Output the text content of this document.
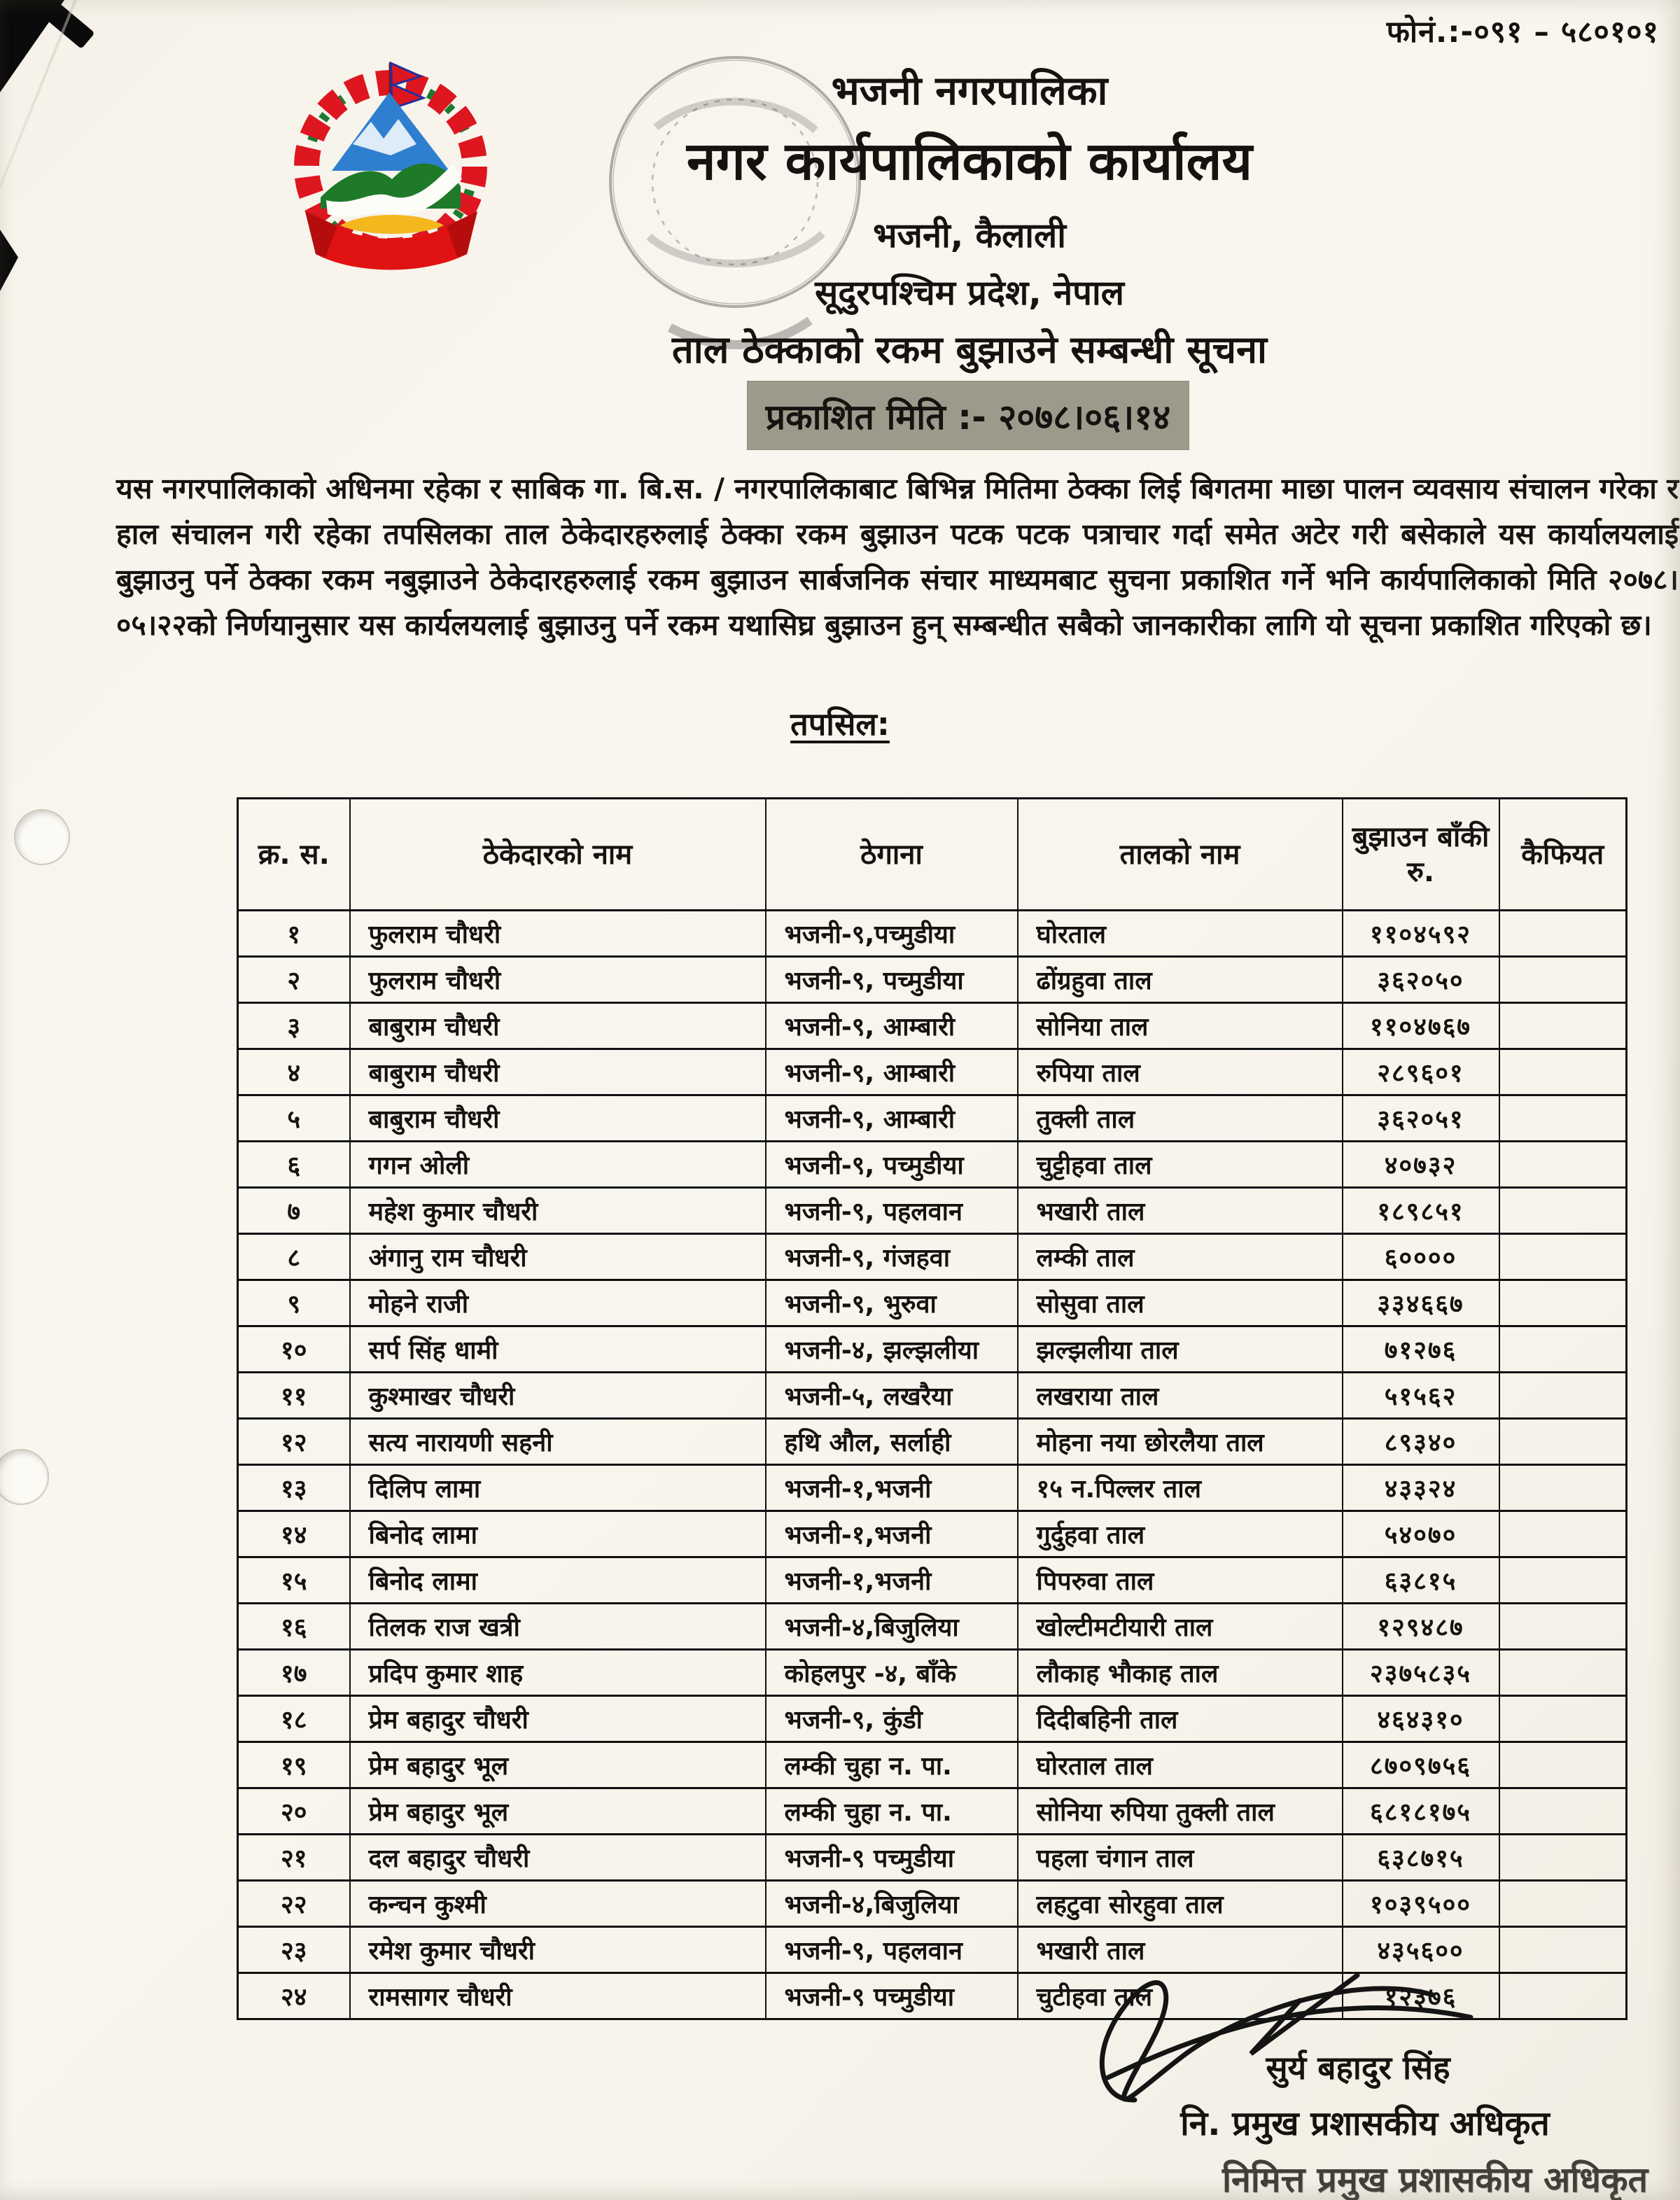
फोनं.:-०९१ – ५८०१०१
भजनी नगरपालिका
नगर कार्यपालिकाको कार्यालय
भजनी, कैलाली
सूदुरपश्चिम प्रदेश, नेपाल
ताल ठेक्काको रकम बुझाउने सम्बन्धी सूचना
प्रकाशित मिति :- २०७८।०६।१४
यस नगरपालिकाको अधिनमा रहेका र साबिक गा. बि.स. / नगरपालिकाबाट बिभिन्न मितिमा ठेक्का लिई बिगतमा माछा पालन व्यवसाय संचालन गरेका र हाल संचालन गरी रहेका तपसिलका ताल ठेकेदारहरुलाई ठेक्का रकम बुझाउन पटक पटक पत्राचार गर्दा समेत अटेर गरी बसेकाले यस कार्यालयलाई बुझाउनु पर्ने ठेक्का रकम नबुझाउने ठेकेदारहरुलाई रकम बुझाउन सार्बजनिक संचार माध्यमबाट सुचना प्रकाशित गर्ने भनि कार्यपालिकाको मिति २०७८।०५।२२को निर्णयानुसार यस कार्यलयलाई बुझाउनु पर्ने रकम यथासिघ्र बुझाउन हुन् सम्बन्धीत सबैको जानकारीका लागि यो सूचना प्रकाशित गरिएको छ।
तपसिल:
क्र. स.	ठेकेदारको नाम	ठेगाना	तालको नाम	बुझाउन बाँकी रु.	कैफियत
१	फुलराम चौधरी	भजनी-९,पच्मुडीया	घोरताल	११०४५९२	
२	फुलराम चौधरी	भजनी-९, पच्मुडीया	ढोंग्रहुवा ताल	३६२०५०	
३	बाबुराम चौधरी	भजनी-९, आम्बारी	सोनिया ताल	११०४७६७	
४	बाबुराम चौधरी	भजनी-९, आम्बारी	रुपिया ताल	२८९६०१	
५	बाबुराम चौधरी	भजनी-९, आम्बारी	तुक्ली ताल	३६२०५१	
६	गगन ओली	भजनी-९, पच्मुडीया	चुट्टीहवा ताल	४०७३२	
७	महेश कुमार चौधरी	भजनी-९, पहलवान	भखारी ताल	१८९८५१	
८	अंगानु राम चौधरी	भजनी-९, गंजहवा	लम्की ताल	६००००	
९	मोहने राजी	भजनी-९, भुरुवा	सोसुवा ताल	३३४६६७	
१०	सर्प सिंह धामी	भजनी-४, झल्झलीया	झल्झलीया ताल	७१२७६	
११	कुश्माखर चौधरी	भजनी-५, लखरैया	लखराया ताल	५१५६२	
१२	सत्य नारायणी सहनी	हथि औल, सर्लाही	मोहना नया छोरलैया ताल	८९३४०	
१३	दिलिप लामा	भजनी-१,भजनी	१५ न.पिल्लर ताल	४३३२४	
१४	बिनोद लामा	भजनी-१,भजनी	गुर्दुहवा ताल	५४०७०	
१५	बिनोद लामा	भजनी-१,भजनी	पिपरुवा ताल	६३८१५	
१६	तिलक राज खत्री	भजनी-४,बिजुलिया	खोल्टीमटीयारी ताल	१२९४८७	
१७	प्रदिप कुमार शाह	कोहलपुर -४, बाँके	लौकाह भौकाह ताल	२३७५८३५	
१८	प्रेम बहादुर चौधरी	भजनी-९, कुंडी	दिदीबहिनी ताल	४६४३१०	
१९	प्रेम बहादुर भूल	लम्की चुहा न. पा.	घोरताल ताल	८७०९७५६	
२०	प्रेम बहादुर भूल	लम्की चुहा न. पा.	सोनिया रुपिया तुक्ली ताल	६८१८१७५	
२१	दल बहादुर चौधरी	भजनी-९ पच्मुडीया	पहला चंगान ताल	६३८७१५	
२२	कन्चन कुश्मी	भजनी-४,बिजुलिया	लहटुवा सोरहुवा ताल	१०३९५००	
२३	रमेश कुमार चौधरी	भजनी-९, पहलवान	भखारी ताल	४३५६००	
२४	रामसागर चौधरी	भजनी-९ पच्मुडीया	चुटीहवा ताल	१२३७६	
सुर्य बहादुर सिंह
नि. प्रमुख प्रशासकीय अधिकृत
निमित्त प्रमुख प्रशासकीय अधिकृत
